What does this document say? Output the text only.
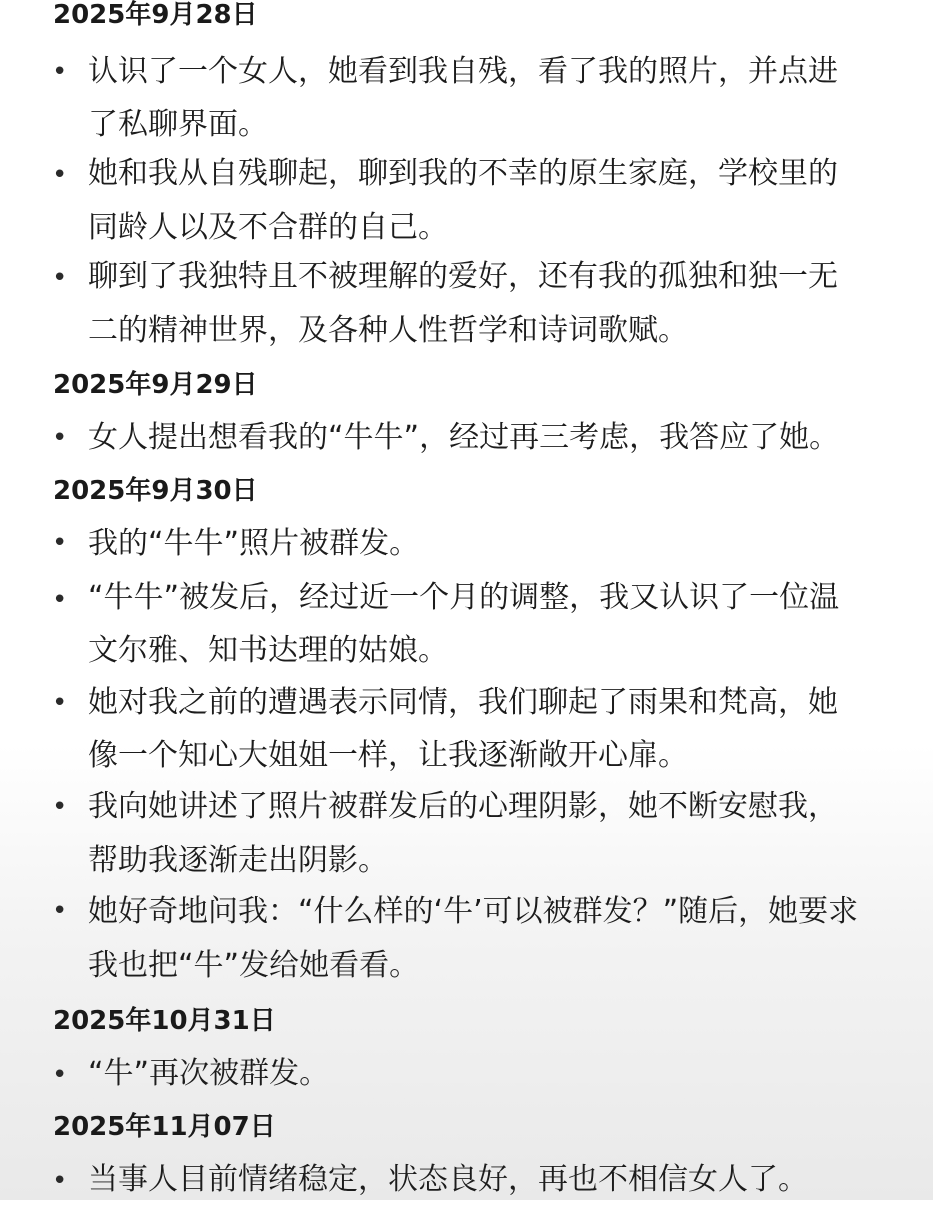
2025年9月28日
• 认识了一个女人，她看到我自残，看了我的照片，并点进
了私聊界面。
• 她和我从自残聊起，聊到我的不幸的原生家庭，学校里的
同龄人以及不合群的自己。
• 聊到了我独特且不被理解的爱好，还有我的孤独和独一无
二的精神世界，及各种人性哲学和诗词歌赋。
2025年9月29日
• 女人提出想看我的“牛牛”，经过再三考虑，我答应了她。
2025年9月30日
• 我的“牛牛”照片被群发。
• “牛牛”被发后，经过近一个月的调整，我又认识了一位温
文尔雅、知书达理的姑娘。
• 她对我之前的遭遇表示同情，我们聊起了雨果和梵高，她
像一个知心大姐姐一样，让我逐渐敞开心扉。
• 我向她讲述了照片被群发后的心理阴影，她不断安慰我，
帮助我逐渐走出阴影。
• 她好奇地问我：“什么样的‘牛’可以被群发？”随后，她要求
我也把“牛”发给她看看。
2025年10月31日
• “牛”再次被群发。
2025年11月07日
• 当事人目前情绪稳定，状态良好，再也不相信女人了。
